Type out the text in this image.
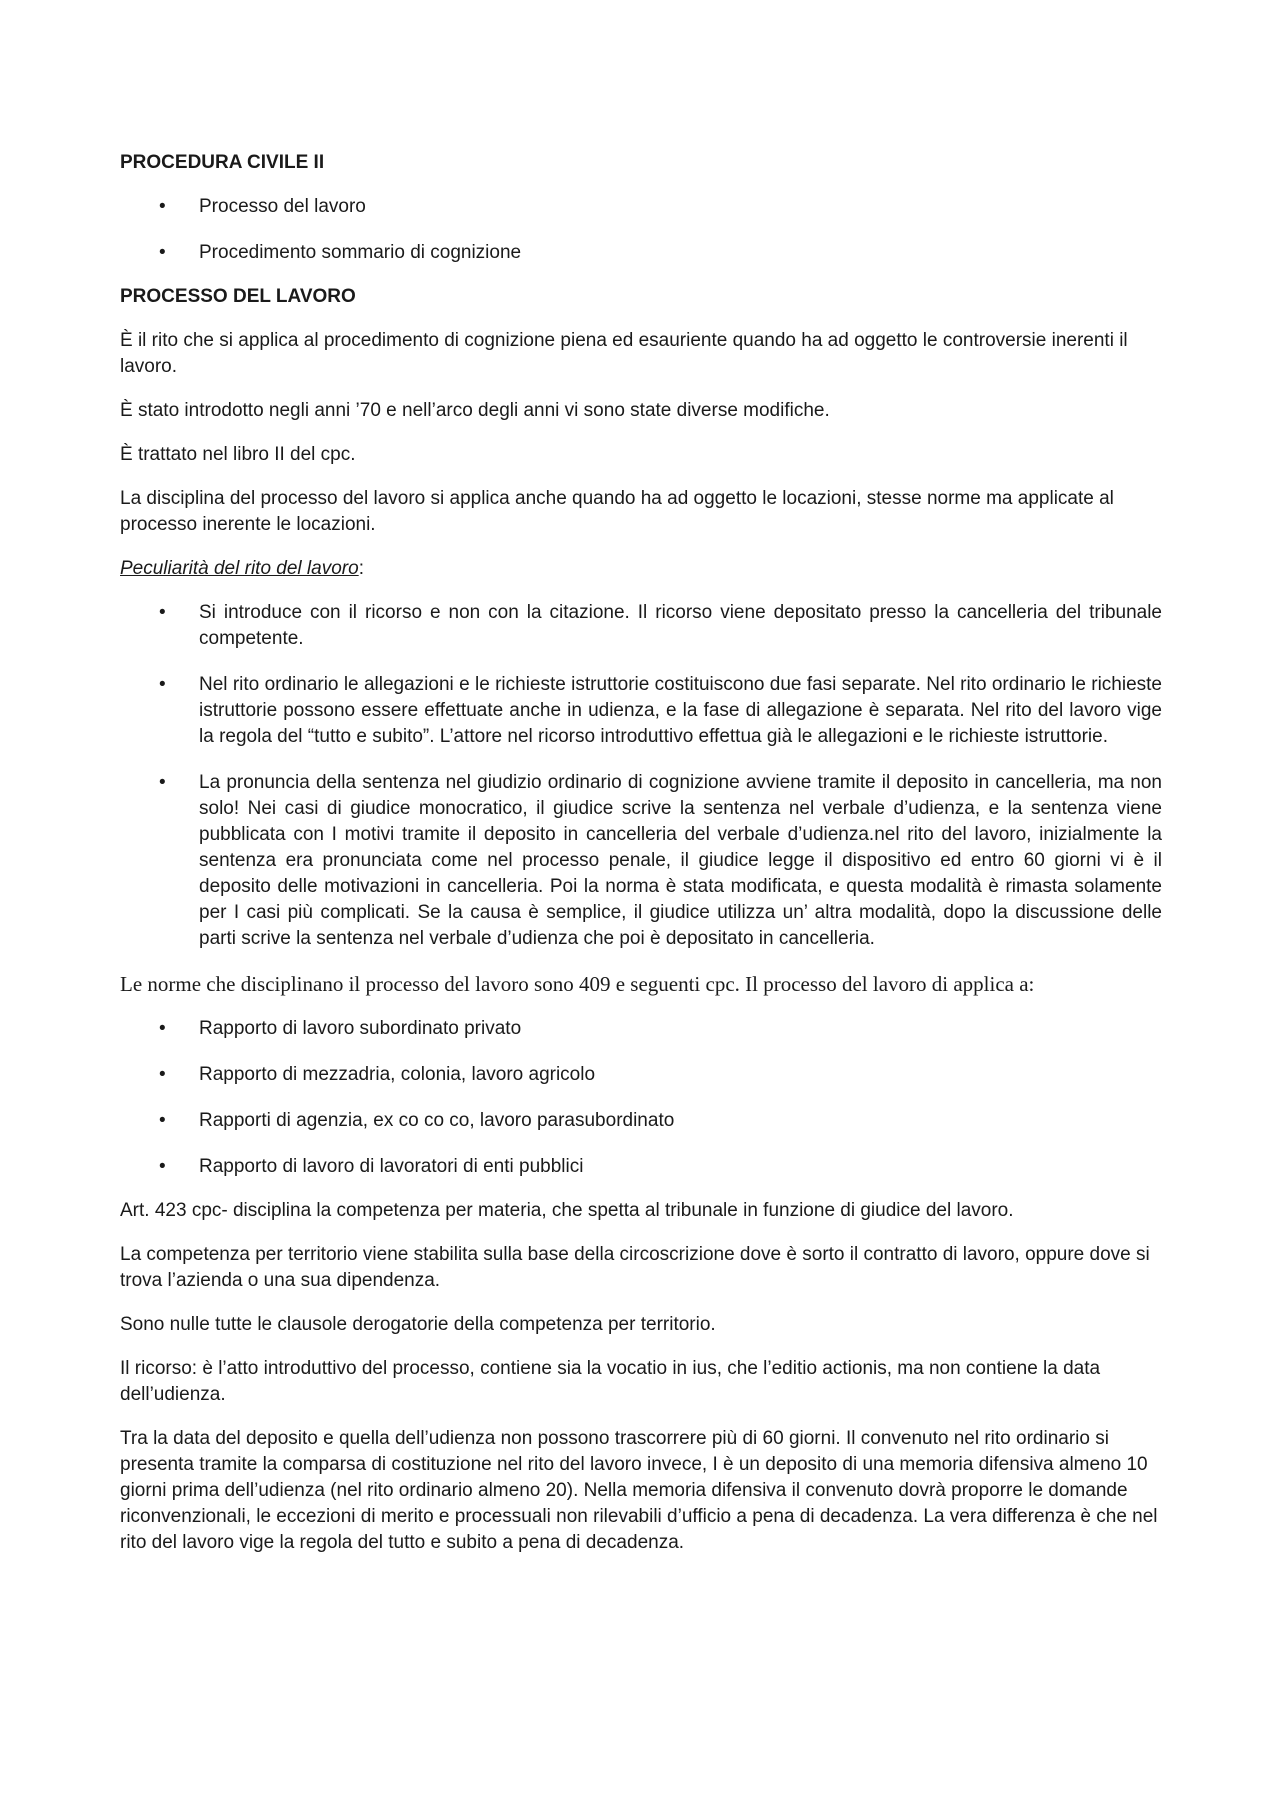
PROCEDURA CIVILE II
• Processo del lavoro
• Procedimento sommario di cognizione
PROCESSO DEL LAVORO

È il rito che si applica al procedimento di cognizione piena ed esauriente quando ha ad oggetto le controversie inerenti il lavoro.

È stato introdotto negli anni ’70 e nell’arco degli anni vi sono state diverse modifiche.

È trattato nel libro II del cpc.

La disciplina del processo del lavoro si applica anche quando ha ad oggetto le locazioni, stesse norme ma applicate al processo inerente le locazioni.

Peculiarità del rito del lavoro:

• Si introduce con il ricorso e non con la citazione. Il ricorso viene depositato presso la cancelleria del tribunale competente.
• Nel rito ordinario le allegazioni e le richieste istruttorie costituiscono due fasi separate. Nel rito ordinario le richieste istruttorie possono essere effettuate anche in udienza, e la fase di allegazione è separata. Nel rito del lavoro vige la regola del “tutto e subito”. L’attore nel ricorso introduttivo effettua già le allegazioni e le richieste istruttorie.
• La pronuncia della sentenza nel giudizio ordinario di cognizione avviene tramite il deposito in cancelleria, ma non solo! Nei casi di giudice monocratico, il giudice scrive la sentenza nel verbale d’udienza, e la sentenza viene pubblicata con I motivi tramite il deposito in cancelleria del verbale d’udienza.nel rito del lavoro, inizialmente la sentenza era pronunciata come nel processo penale, il giudice legge il dispositivo ed entro 60 giorni vi è il deposito delle motivazioni in cancelleria. Poi la norma è stata modificata, e questa modalità è rimasta solamente per I casi più complicati. Se la causa è semplice, il giudice utilizza un’ altra modalità, dopo la discussione delle parti scrive la sentenza nel verbale d’udienza che poi è depositato in cancelleria.

Le norme che disciplinano il processo del lavoro sono 409 e seguenti cpc. Il processo del lavoro di applica a:

• Rapporto di lavoro subordinato privato
• Rapporto di mezzadria, colonia, lavoro agricolo
• Rapporti di agenzia, ex co co co, lavoro parasubordinato
• Rapporto di lavoro di lavoratori di enti pubblici

Art. 423 cpc- disciplina la competenza per materia, che spetta al tribunale in funzione di giudice del lavoro.

La competenza per territorio viene stabilita sulla base della circoscrizione dove è sorto il contratto di lavoro, oppure dove si trova l’azienda o una sua dipendenza.

Sono nulle tutte le clausole derogatorie della competenza per territorio.

Il ricorso: è l’atto introduttivo del processo, contiene sia la vocatio in ius, che l’editio actionis, ma non contiene la data dell’udienza.

Tra la data del deposito e quella dell’udienza non possono trascorrere più di 60 giorni. Il convenuto nel rito ordinario si presenta tramite la comparsa di costituzione nel rito del lavoro invece, I è un deposito di una memoria difensiva almeno 10 giorni prima dell’udienza (nel rito ordinario almeno 20). Nella memoria difensiva il convenuto dovrà proporre le domande riconvenzionali, le eccezioni di merito e processuali non rilevabili d’ufficio a pena di decadenza. La vera differenza è che nel rito del lavoro vige la regola del tutto e subito a pena di decadenza.
